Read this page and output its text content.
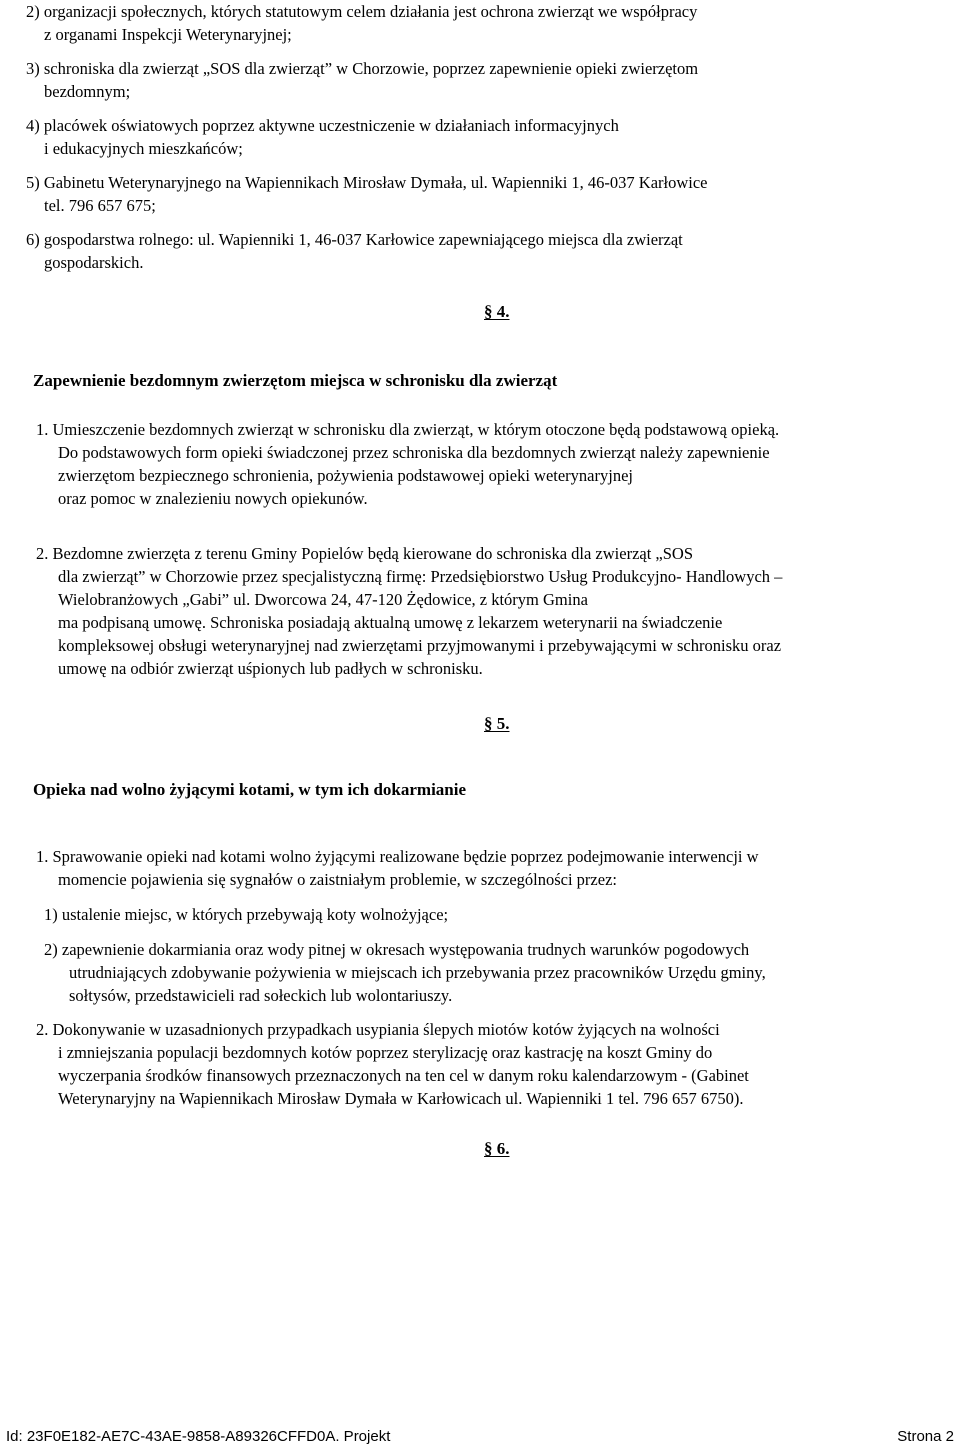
2) organizacji społecznych, których statutowym celem działania jest ochrona zwierząt we współpracy
z organami Inspekcji Weterynaryjnej;
3) schroniska dla zwierząt „SOS dla zwierząt” w Chorzowie, poprzez zapewnienie opieki zwierzętom
bezdomnym;
4) placówek oświatowych poprzez aktywne uczestniczenie w działaniach informacyjnych
i edukacyjnych mieszkańców;
5) Gabinetu Weterynaryjnego na Wapiennikach Mirosław Dymała, ul. Wapienniki 1, 46-037 Karłowice
tel. 796 657 675;
6) gospodarstwa rolnego: ul. Wapienniki 1, 46-037 Karłowice zapewniającego miejsca dla zwierząt
gospodarskich.
§ 4.
Zapewnienie bezdomnym zwierzętom miejsca w schronisku dla zwierząt
1. Umieszczenie bezdomnych zwierząt w schronisku dla zwierząt, w którym otoczone będą podstawową opieką.
Do podstawowych form opieki świadczonej przez schroniska dla bezdomnych zwierząt należy zapewnienie
zwierzętom bezpiecznego schronienia, pożywienia podstawowej opieki weterynaryjnej
oraz pomoc w znalezieniu nowych opiekunów.
2. Bezdomne zwierzęta z terenu Gminy Popielów będą kierowane do schroniska dla zwierząt „SOS
dla zwierząt” w Chorzowie przez specjalistyczną firmę: Przedsiębiorstwo Usług Produkcyjno- Handlowych –
Wielobranżowych „Gabi” ul. Dworcowa 24, 47-120 Żędowice, z którym Gmina
ma podpisaną umowę. Schroniska posiadają aktualną umowę z lekarzem weterynarii na świadczenie
kompleksowej obsługi weterynaryjnej nad zwierzętami przyjmowanymi i przebywającymi w schronisku oraz
umowę na odbiór zwierząt uśpionych lub padłych w schronisku.
§ 5.
Opieka nad wolno żyjącymi kotami, w tym ich dokarmianie
1. Sprawowanie opieki nad kotami wolno żyjącymi realizowane będzie poprzez podejmowanie interwencji w
momencie pojawienia się sygnałów o zaistniałym problemie, w szczególności przez:
1) ustalenie miejsc, w których przebywają koty wolnożyjące;
2) zapewnienie dokarmiania oraz wody pitnej w okresach występowania trudnych warunków pogodowych
utrudniających zdobywanie pożywienia w miejscach ich przebywania przez pracowników Urzędu gminy,
sołtysów, przedstawicieli rad sołeckich lub wolontariuszy.
2. Dokonywanie w uzasadnionych przypadkach usypiania ślepych miotów kotów żyjących na wolności
i zmniejszania populacji bezdomnych kotów poprzez sterylizację oraz kastrację na koszt Gminy do
wyczerpania środków finansowych przeznaczonych na ten cel w danym roku kalendarzowym - (Gabinet
Weterynaryjny na Wapiennikach Mirosław Dymała w Karłowicach ul. Wapienniki 1 tel. 796 657 6750).
§ 6.
Id: 23F0E182-AE7C-43AE-9858-A89326CFFD0A. Projekt	Strona 2
